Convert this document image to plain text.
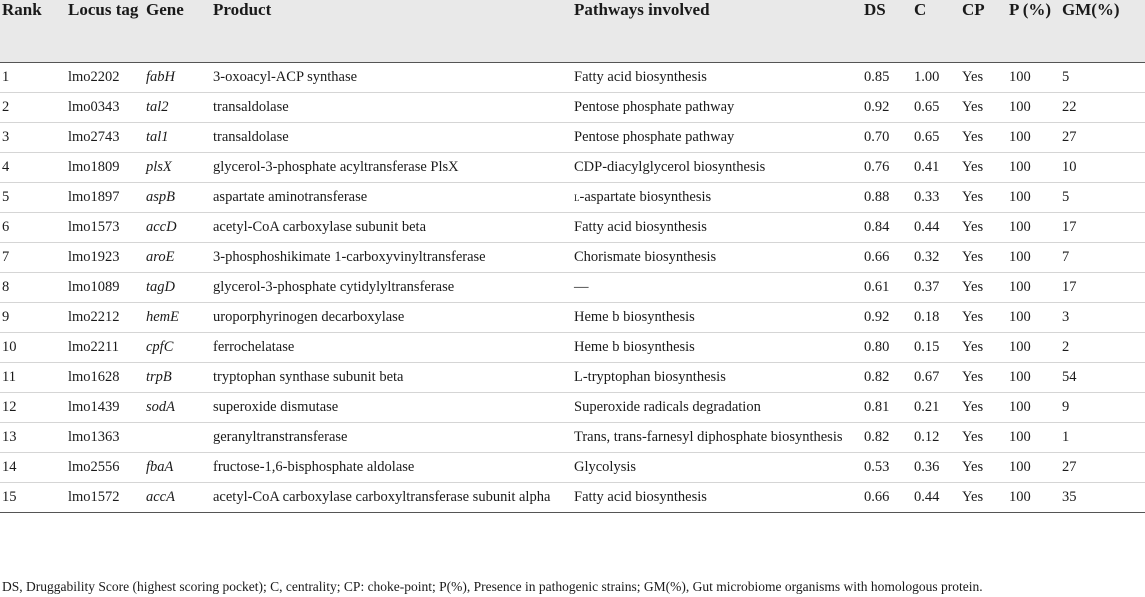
Rank	Locus tag	Gene	Product	Pathways involved	DS	C	CP	P (%)	GM(%)
1	lmo2202	fabH	3-oxoacyl-ACP synthase	Fatty acid biosynthesis	0.85	1.00	Yes	100	5
2	lmo0343	tal2	transaldolase	Pentose phosphate pathway	0.92	0.65	Yes	100	22
3	lmo2743	tal1	transaldolase	Pentose phosphate pathway	0.70	0.65	Yes	100	27
4	lmo1809	plsX	glycerol-3-phosphate acyltransferase PlsX	CDP-diacylglycerol biosynthesis	0.76	0.41	Yes	100	10
5	lmo1897	aspB	aspartate aminotransferase	l-aspartate biosynthesis	0.88	0.33	Yes	100	5
6	lmo1573	accD	acetyl-CoA carboxylase subunit beta	Fatty acid biosynthesis	0.84	0.44	Yes	100	17
7	lmo1923	aroE	3-phosphoshikimate 1-carboxyvinyltransferase	Chorismate biosynthesis	0.66	0.32	Yes	100	7
8	lmo1089	tagD	glycerol-3-phosphate cytidylyltransferase	—	0.61	0.37	Yes	100	17
9	lmo2212	hemE	uroporphyrinogen decarboxylase	Heme b biosynthesis	0.92	0.18	Yes	100	3
10	lmo2211	cpfC	ferrochelatase	Heme b biosynthesis	0.80	0.15	Yes	100	2
11	lmo1628	trpB	tryptophan synthase subunit beta	L-tryptophan biosynthesis	0.82	0.67	Yes	100	54
12	lmo1439	sodA	superoxide dismutase	Superoxide radicals degradation	0.81	0.21	Yes	100	9
13	lmo1363		geranyltranstransferase	Trans, trans-farnesyl diphosphate biosynthesis	0.82	0.12	Yes	100	1
14	lmo2556	fbaA	fructose-1,6-bisphosphate aldolase	Glycolysis	0.53	0.36	Yes	100	27
15	lmo1572	accA	acetyl-CoA carboxylase carboxyltransferase subunit alpha	Fatty acid biosynthesis	0.66	0.44	Yes	100	35
DS, Druggability Score (highest scoring pocket); C, centrality; CP: choke-point; P(%), Presence in pathogenic strains; GM(%), Gut microbiome organisms with homologous protein.
